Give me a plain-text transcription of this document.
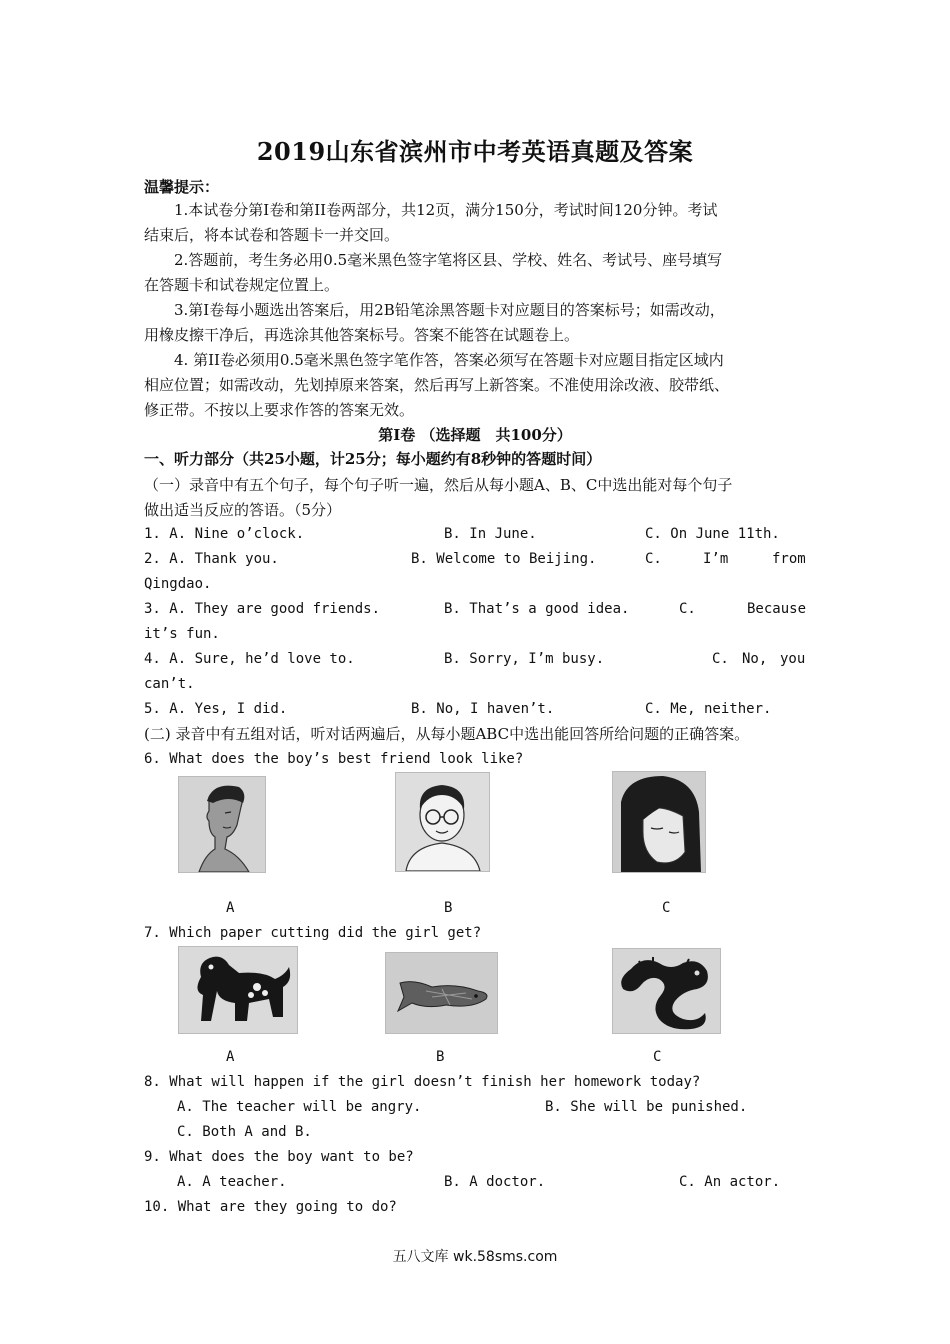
2019山东省滨州市中考英语真题及答案
温馨提示：
1.本试卷分第Ⅰ卷和第II卷两部分，共12页，满分150分，考试时间120分钟。考试
结束后，将本试卷和答题卡一并交回。
2.答题前，考生务必用0.5毫米黑色签字笔将区县、学校、姓名、考试号、座号填写
在答题卡和试卷规定位置上。
3.第Ⅰ卷每小题选出答案后，用2B铅笔涂黑答题卡对应题目的答案标号；如需改动，
用橡皮擦干净后，再选涂其他答案标号。答案不能答在试题卷上。
4. 第II卷必须用0.5毫米黑色签字笔作答，答案必须写在答题卡对应题目指定区域内
相应位置；如需改动，先划掉原来答案，然后再写上新答案。不准使用涂改液、胶带纸、
修正带。不按以上要求作答的答案无效。
第Ⅰ卷 （选择题　共100分）
一、听力部分（共25小题，计25分；每小题约有8秒钟的答题时间）
（一）录音中有五个句子，每个句子听一遍，然后从每小题A、B、C中选出能对每个句子
做出适当反应的答语。（5分）
1. A. Nine o’clock.	B. In June.	C. On June 11th.
2. A. Thank you.	B. Welcome to Beijing.	C.	I’m	from
Qingdao.
3. A. They are good friends.	B. That’s a good idea.	C.	Because
it’s fun.
4. A. Sure, he’d love to.	B. Sorry, I’m busy.	C. No, you
can’t.
5. A. Yes, I did.	B. No, I haven’t.	C. Me, neither.
(二) 录音中有五组对话，听对话两遍后，从每小题ABC中选出能回答所给问题的正确答案。
6. What does the boy’s best friend look like?
A	B	C
7. Which paper cutting did the girl get?
A	B	C
8. What will happen if the girl doesn’t finish her homework today?
A. The teacher will be angry.	B. She will be punished.
C. Both A and B.
9. What does the boy want to be?
A. A teacher.	B. A doctor.	C. An actor.
10. What are they going to do?
五八文库 wk.58sms.com
